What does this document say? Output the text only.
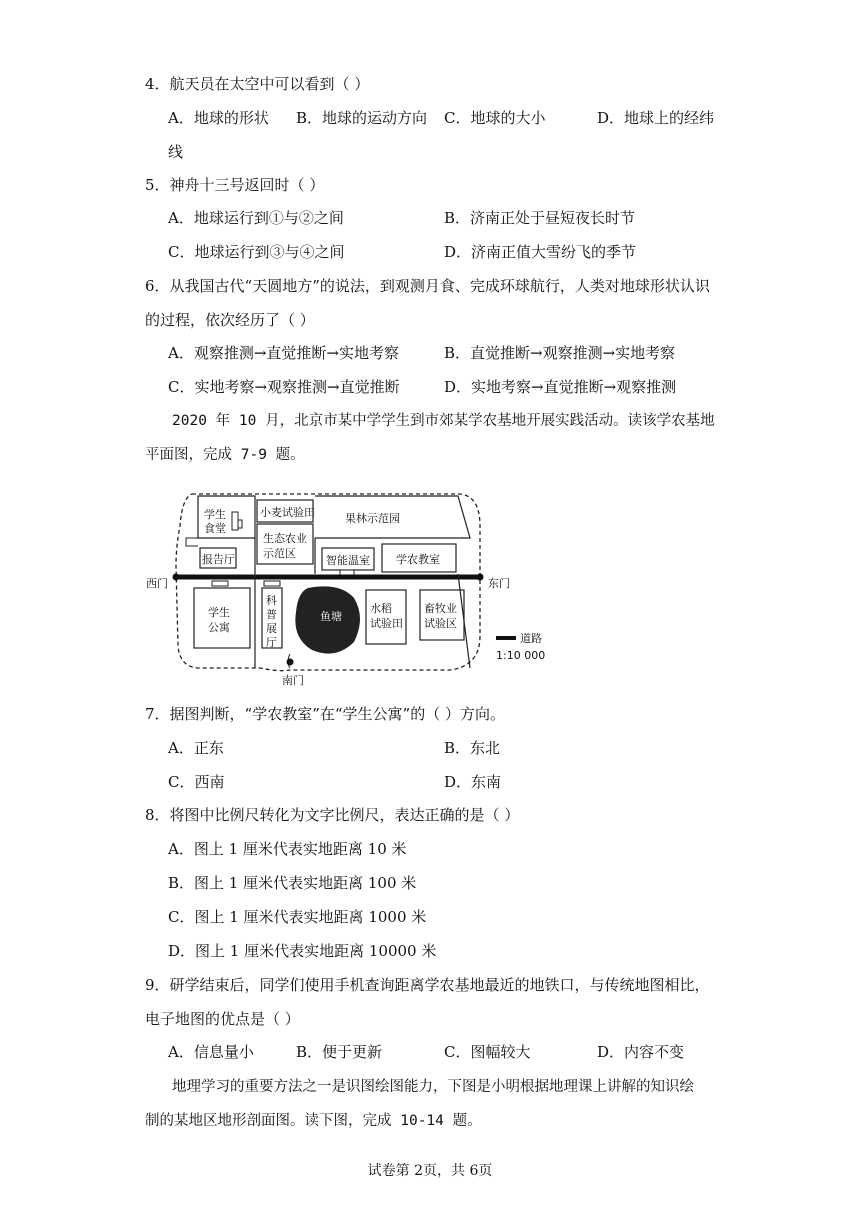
4．航天员在太空中可以看到（ ）
A．地球的形状 B．地球的运动方向 C．地球的大小	D．地球上的经纬
线
5．神舟十三号返回时（ ）
A．地球运行到①与②之间	B．济南正处于昼短夜长时节
C．地球运行到③与④之间	D．济南正值大雪纷飞的季节
6．从我国古代“天圆地方”的说法，到观测月食、完成环球航行，人类对地球形状认识
的过程，依次经历了（ ）
A．观察推测→直觉推断→实地考察	B．直觉推断→观察推测→实地考察
C．实地考察→观察推测→直觉推断	D．实地考察→直觉推断→观察推测
2020 年 10 月，北京市某中学学生到市郊某学农基地开展实践活动。读该学农基地
平面图，完成 7-9 题。
学生
食堂
小麦试验田
生态农业
示范区
果林示范园
报告厅	智能温室 学农教室
西门	东门
学生
公寓
科
普
展
厅
鱼塘
南门
水稻
试验田
畜牧业
试验区
道路
1:10 000
7．据图判断，“学农教室”在“学生公寓”的（ ）方向。
A．正东	B．东北
C．西南	D．东南
8．将图中比例尺转化为文字比例尺，表达正确的是（ ）
A．图上 1 厘米代表实地距离 10 米
B．图上 1 厘米代表实地距离 100 米
C．图上 1 厘米代表实地距离 1000 米
D．图上 1 厘米代表实地距离 10000 米
9．研学结束后，同学们使用手机查询距离学农基地最近的地铁口，与传统地图相比，
电子地图的优点是（ ）
A．信息量小	B．便于更新	C．图幅较大	D．内容不变
地理学习的重要方法之一是识图绘图能力，下图是小明根据地理课上讲解的知识绘
制的某地区地形剖面图。读下图，完成 10-14 题。
试卷第 2页，共 6页
